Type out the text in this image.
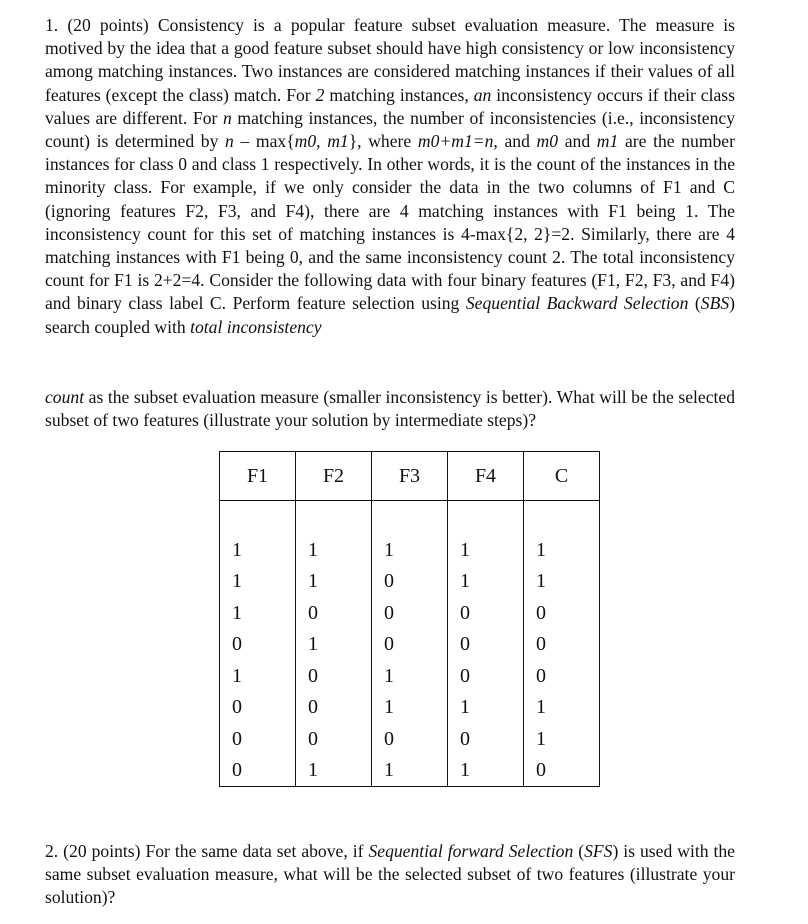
1. (20 points) Consistency is a popular feature subset evaluation measure. The measure is motived by the idea that a good feature subset should have high consistency or low inconsistency among matching instances. Two instances are considered matching instances if their values of all features (except the class) match. For 2 matching instances, an inconsistency occurs if their class values are different. For n matching instances, the number of inconsistencies (i.e., inconsistency count) is determined by n – max{m0, m1}, where m0+m1=n, and m0 and m1 are the number instances for class 0 and class 1 respectively. In other words, it is the count of the instances in the minority class. For example, if we only consider the data in the two columns of F1 and C (ignoring features F2, F3, and F4), there are 4 matching instances with F1 being 1. The inconsistency count for this set of matching instances is 4-max{2, 2}=2. Similarly, there are 4 matching instances with F1 being 0, and the same inconsistency count 2. The total inconsistency count for F1 is 2+2=4. Consider the following data with four binary features (F1, F2, F3, and F4) and binary class label C. Perform feature selection using Sequential Backward Selection (SBS) search coupled with total inconsistency
count as the subset evaluation measure (smaller inconsistency is better). What will be the selected subset of two features (illustrate your solution by intermediate steps)?
F1	F2	F3	F4	C

1	1	1	1	1
1	1	0	1	1
1	0	0	0	0
0	1	0	0	0
1	0	1	0	0
0	0	1	1	1
0	0	0	0	1
0	1	1	1	0
2. (20 points) For the same data set above, if Sequential forward Selection (SFS) is used with the same subset evaluation measure, what will be the selected subset of two features (illustrate your solution)?
